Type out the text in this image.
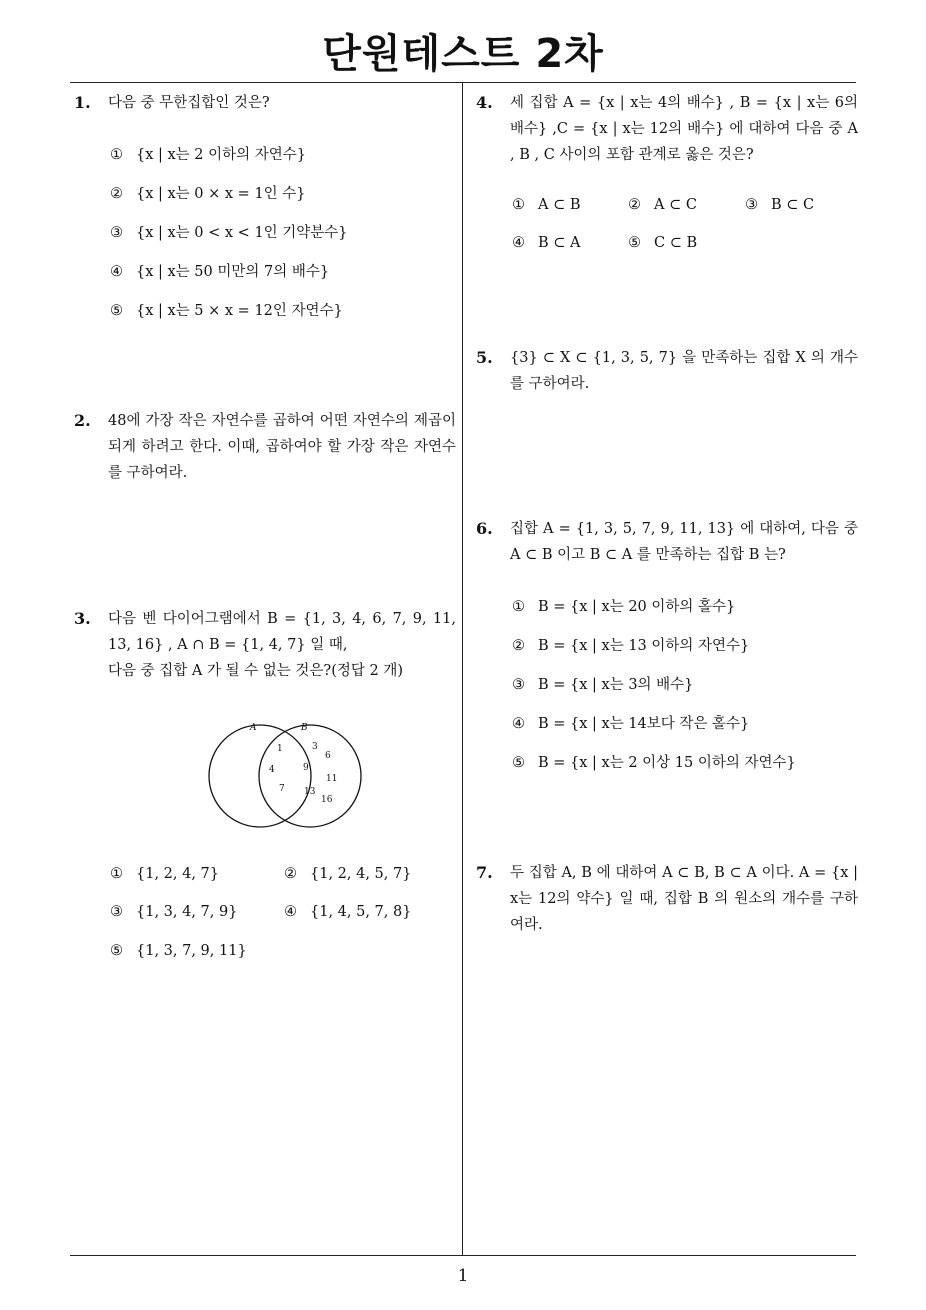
단원테스트 2차
1
1. 다음 중 무한집합인 것은?
① {x | x는 2 이하의 자연수}
② {x | x는 0 × x = 1인 수}
③ {x | x는 0 < x < 1인 기약분수}
④ {x | x는 50 미만의 7의 배수}
⑤ {x | x는 5 × x = 12인 자연수}
2. 48에 가장 작은 자연수를 곱하여 어떤 자연수의 제곱이 되게 하려고 한다. 이때, 곱하여야 할 가장 작은 자연수를 구하여라.
3. 다음 벤 다이어그램에서 B = {1, 3, 4, 6, 7, 9, 11, 13, 16} , A ∩ B = {1, 4, 7} 일 때,
다음 중 집합 A 가 될 수 없는 것은?(정답 2 개)
A	B
1	3
6
4	9
11
7 13
16
① {1, 2, 4, 7}	② {1, 2, 4, 5, 7}
③ {1, 3, 4, 7, 9}	④ {1, 4, 5, 7, 8}
⑤ {1, 3, 7, 9, 11}
4. 세 집합 A = {x | x는 4의 배수} , B = {x | x는 6의 배수} ,C = {x | x는 12의 배수} 에 대하여 다음 중 A , B , C 사이의 포함 관계로 옳은 것은?
① A ⊂ B	② A ⊂ C	③ B ⊂ C
④ B ⊂ A	⑤ C ⊂ B
5. {3} ⊂ X ⊂ {1, 3, 5, 7} 을 만족하는 집합 X 의 개수를 구하여라.
6. 집합 A = {1, 3, 5, 7, 9, 11, 13} 에 대하여, 다음 중 A ⊂ B 이고 B ⊂ A 를 만족하는 집합 B 는?
① B = {x | x는 20 이하의 홀수}
② B = {x | x는 13 이하의 자연수}
③ B = {x | x는 3의 배수}
④ B = {x | x는 14보다 작은 홀수}
⑤ B = {x | x는 2 이상 15 이하의 자연수}
7. 두 집합 A, B 에 대하여 A ⊂ B, B ⊂ A 이다. A = {x | x는 12의 약수} 일 때, 집합 B 의 원소의 개수를 구하여라.
